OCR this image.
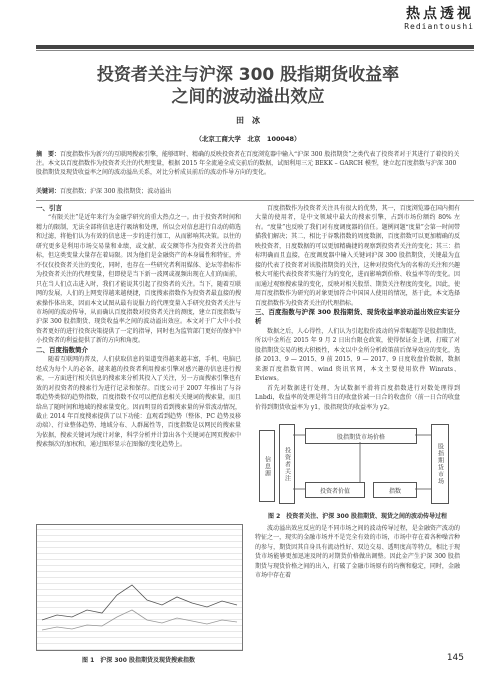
热点透视
Rediantoushi
投资者关注与沪深 300 股指期货收益率
之间的波动溢出效应
田　冰
（北京工商大学　北京　100048）
摘　要：百度指数作为新兴的互联网搜索引擎，能够即时、精确的反映投资者在百度浏览器中输入“沪深 300 股指期货”之类代表了投资者对于其进行了着投的关注。本文以百度指数作为投资者关注的代理变量，根据 2015 年全流通全成交前后的数据，试图利用三元 BEKK – GARCH 模型，建立起百度指数与沪深 300 股指期货及现货收益率之间的波动溢出关系，对比分析成员前后的波动作导方向的变化。
关键词：百度指数；沪深 300 股指期货；波动溢出
一、引言
“有限关注”是近年来行为金融学研究的重大热点之一。由于投资者时间和精力的限制，无法全部将信息进行吸纳和处理，所以会对信息进行自动的筛选和过滤，将他们认为有效的信息进一步的进行加工，从而影响其决策。以往的研究更多是利用市场交易量和业绩，或文献、或交额等作为投资者关注的指标，但这类变量大量存在着局限。因为他们是金融资产的本身属性和特征，并不仅仅投资者关注的变化，同时，也存在一些研究者利用媒体、论坛等指标作为投资者关注的代理变量，但即使是当下新一波网或视频出现在人们的面前，只在当人们点击进入时，我们才能说其引起了投资者的关注。当下，随着互联网的发展，人们的上网变得越来越便捷，百度搜索指数作为投资者最直接的搜索操作体出来，因而本文试图从最有说服力的代理变量入手研究投资者关注与市场间的波动传导，从而确认百度指数对投资者关注的测度，建立百度指数与沪深 300 股指期货、现货收益率之间的波动溢出效应。本文对于广大中小投资者更好的进行投资决策提供了一定的指导，同时也为监管部门更好的保护中小投资者的利益提供了新的方向和角度。
二、百度指数简介
随着互联网的普及，人们获取信息的渠道变得越来越丰富，手机、电脑已经成为每个人的必备，越来越的投资者利用搜索引擎对感兴趣的信息进行搜索，一方面进行相关信息的搜索来分析其投入了关注，另一方面搜索引擎也有效的对投资者的搜索行为进行记录和保存。百度公司于 2007 年推出了与谷歌趋势类似的趋势指数，百度指数不仅可以把信息相关关键词的搜索量，而且给出了随时间和地域的搜索量变化。因而明显的看到搜索量的异常波动情况，截止 2014 年百度搜索提供了以下功能：直观看到趋势（整体、PC 趋势及移动端）、行业整体趋势、地域分布、人群属性等，百度指数是以网民的搜索量为依据，搜索关键词为统计对象，科学分析并计算出各个关键词在网页搜索中搜索频次的加权和，通过图形显示在图像的变化趋势上。
图 1　沪深 300 股指期货及现货搜索指数
百度指数作为投资者关注具有很大的优势，其一，百度浏览器在国内拥有大量的使用者，是中文领域中最大的搜索引擎，占到市场份额约 80% 左右。“度量”也反映了我们对有度调度器的信任。题例问题“度量”会第一时间带描我们解决；其二，相比于谷歌指数的周度数据，百度指数可以更加精确的反映投资者，日度数据的可以更加精确捷的观察到投资者关注的变化；其三：指标明确而且直接，在度调度器中输入关键词沪深 300 股指期货，关键最为直接的代表了投资者对该股指期货的关注，这种对投资代为的名称的关注和兴趣极大可能代表投资者实施行为的变化，进而影响到价格、收益率等的变化。因而通过观察搜索量的变化，反映对相关股票、期货关注程度的变化，因此，使用百度指数作为研究的对象更加符合中国国人使用的情况，基于此，本文选择百度指数作为投资者关注的代理指标。
三、百度指数与沪深 300 股指期货、现货收益率波动溢出效应实证分析
数据之后，人心得性，人们认为引起股价波动的异常幅超等是股指期货，所以中金所在 2015 年 9 月 2 日出台限仓政策，使得保证金上调，打破了对股指期货交易的极大积极性，本文以中金所分析政策前后保导效应的变化，选择 2013、9 — 2015、9 前 2015、9 — 2017、9 日度收盘价数据，数据来源百度指数官网、wind 资讯官网，本文主要使用软件 Winrats、Eviews。
首先对数据进行处理，为试数据平滑将百度指数进行对数处理得到 Lnbdi，收益率的处理是将当日的收盘价减一日合的收盘价（前一日合的收盘价得到期货收益率为 y1，股指现货的收益率为 y2。
信息源	投资者关注
股指期货市场价格
投资者价值	指数
股指期货市场
图 2　投资者关注、沪深 300 股指期货、现货之间的波动传导过程
波动溢出效应反应的是不同市场之间的波动传导过程，是金融资产波动的特征之一，现实的金融市场并不是完全有效的市场，市场中存在着各种噪音种的参与，期货因其自身具有流动性好、双边交易、透明度高等特点，相比于现货市场能够更加迅速及时的对期货价格做出调整。因此金产生沪深 300 股指期货与现货价格之间的出入，打破了金融市场原有的均衡和稳定，同时，金融市场中存在着
145
